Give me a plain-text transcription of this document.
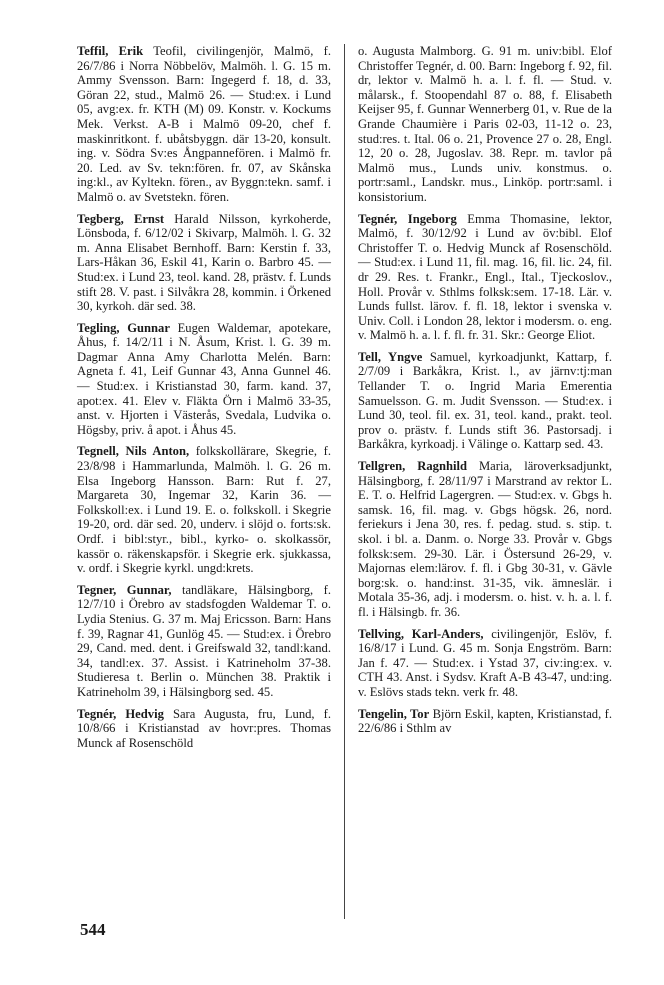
Teffil, Erik Teofil, civilingenjör, Malmö, f. 26/7/86 i Norra Nöbbelöv, Malmöh. l. G. 15 m. Ammy Svensson. Barn: Ingegerd f. 18, d. 33, Göran 22, stud., Malmö 26. — Stud:ex. i Lund 05, avg:ex. fr. KTH (M) 09. Konstr. v. Kockums Mek. Verkst. A-B i Malmö 09-20, chef f. maskinritkont. f. ubåtsbyggn. där 13-20, konsult. ing. v. Södra Sv:es Ångpannefören. i Malmö fr. 20. Led. av Sv. tekn:fören. fr. 07, av Skånska ing:kl., av Kyltekn. fören., av Byggn:tekn. samf. i Malmö o. av Svetstekn. fören.

Tegberg, Ernst Harald Nilsson, kyrkoherde, Lönsboda, f. 6/12/02 i Skivarp, Malmöh. l. G. 32 m. Anna Elisabet Bernhoff. Barn: Kerstin f. 33, Lars-Håkan 36, Eskil 41, Karin o. Barbro 45. — Stud:ex. i Lund 23, teol. kand. 28, prästv. f. Lunds stift 28. V. past. i Silvåkra 28, kommin. i Örkened 30, kyrkoh. där sed. 38.

Tegling, Gunnar Eugen Waldemar, apotekare, Åhus, f. 14/2/11 i N. Åsum, Krist. l. G. 39 m. Dagmar Anna Amy Charlotta Melén. Barn: Agneta f. 41, Leif Gunnar 43, Anna Gunnel 46. — Stud:ex. i Kristianstad 30, farm. kand. 37, apot:ex. 41. Elev v. Fläkta Örn i Malmö 33-35, anst. v. Hjorten i Västerås, Svedala, Ludvika o. Högsby, priv. å apot. i Åhus 45.

Tegnell, Nils Anton, folkskollärare, Skegrie, f. 23/8/98 i Hammarlunda, Malmöh. l. G. 26 m. Elsa Ingeborg Hansson. Barn: Rut f. 27, Margareta 30, Ingemar 32, Karin 36. — Folkskoll:ex. i Lund 19. E. o. folkskoll. i Skegrie 19-20, ord. där sed. 20, underv. i slöjd o. forts:sk. Ordf. i bibl:styr., bibl., kyrko- o. skolkassör, kassör o. räkenskapsför. i Skegrie erk. sjukkassa, v. ordf. i Skegrie kyrkl. ungd:krets.

Tegner, Gunnar, tandläkare, Hälsingborg, f. 12/7/10 i Örebro av stadsfogden Waldemar T. o. Lydia Stenius. G. 37 m. Maj Ericsson. Barn: Hans f. 39, Ragnar 41, Gunlög 45. — Stud:ex. i Örebro 29, Cand. med. dent. i Greifswald 32, tandl:kand. 34, tandl:ex. 37. Assist. i Katrineholm 37-38. Studieresa t. Berlin o. München 38. Praktik i Katrineholm 39, i Hälsingborg sed. 45.

Tegnér, Hedvig Sara Augusta, fru, Lund, f. 10/8/66 i Kristianstad av hovr:pres. Thomas Munck af Rosenschöld

o. Augusta Malmborg. G. 91 m. univ:bibl. Elof Christoffer Tegnér, d. 00. Barn: Ingeborg f. 92, fil. dr, lektor v. Malmö h. a. l. f. fl. — Stud. v. målarsk., f. Stoopendahl 87 o. 88, f. Elisabeth Keijser 95, f. Gunnar Wennerberg 01, v. Rue de la Grande Chaumière i Paris 02-03, 11-12 o. 23, stud:res. t. Ital. 06 o. 21, Provence 27 o. 28, Engl. 12, 20 o. 28, Jugoslav. 38. Repr. m. tavlor på Malmö mus., Lunds univ. konstmus. o. portr:saml., Landskr. mus., Linköp. portr:saml. i konsistorium.

Tegnér, Ingeborg Emma Thomasine, lektor, Malmö, f. 30/12/92 i Lund av öv:bibl. Elof Christoffer T. o. Hedvig Munck af Rosenschöld. — Stud:ex. i Lund 11, fil. mag. 16, fil. lic. 24, fil. dr 29. Res. t. Frankr., Engl., Ital., Tjeckoslov., Holl. Provår v. Sthlms folksk:sem. 17-18. Lär. v. Lunds fullst. lärov. f. fl. 18, lektor i svenska v. Univ. Coll. i London 28, lektor i modersm. o. eng. v. Malmö h. a. l. f. fl. fr. 31. Skr.: George Eliot.

Tell, Yngve Samuel, kyrkoadjunkt, Kattarp, f. 2/7/09 i Barkåkra, Krist. l., av järnv:tj:man Tellander T. o. Ingrid Maria Emerentia Samuelsson. G. m. Judit Svensson. — Stud:ex. i Lund 30, teol. fil. ex. 31, teol. kand., prakt. teol. prov o. prästv. f. Lunds stift 36. Pastorsadj. i Barkåkra, kyrkoadj. i Välinge o. Kattarp sed. 43.

Tellgren, Ragnhild Maria, läroverksadjunkt, Hälsingborg, f. 28/11/97 i Marstrand av rektor L. E. T. o. Helfrid Lagergren. — Stud:ex. v. Gbgs h. samsk. 16, fil. mag. v. Gbgs högsk. 26, nord. feriekurs i Jena 30, res. f. pedag. stud. s. stip. t. skol. i bl. a. Danm. o. Norge 33. Provår v. Gbgs folksk:sem. 29-30. Lär. i Östersund 26-29, v. Majornas elem:lärov. f. fl. i Gbg 30-31, v. Gävle borg:sk. o. hand:inst. 31-35, vik. ämneslär. i Motala 35-36, adj. i modersm. o. hist. v. h. a. l. f. fl. i Hälsingb. fr. 36.

Tellving, Karl-Anders, civilingenjör, Eslöv, f. 16/8/17 i Lund. G. 45 m. Sonja Engström. Barn: Jan f. 47. — Stud:ex. i Ystad 37, civ:ing:ex. v. CTH 43. Anst. i Sydsv. Kraft A-B 43-47, und:ing. v. Eslövs stads tekn. verk fr. 48.

Tengelin, Tor Björn Eskil, kapten, Kristianstad, f. 22/6/86 i Sthlm av

544
